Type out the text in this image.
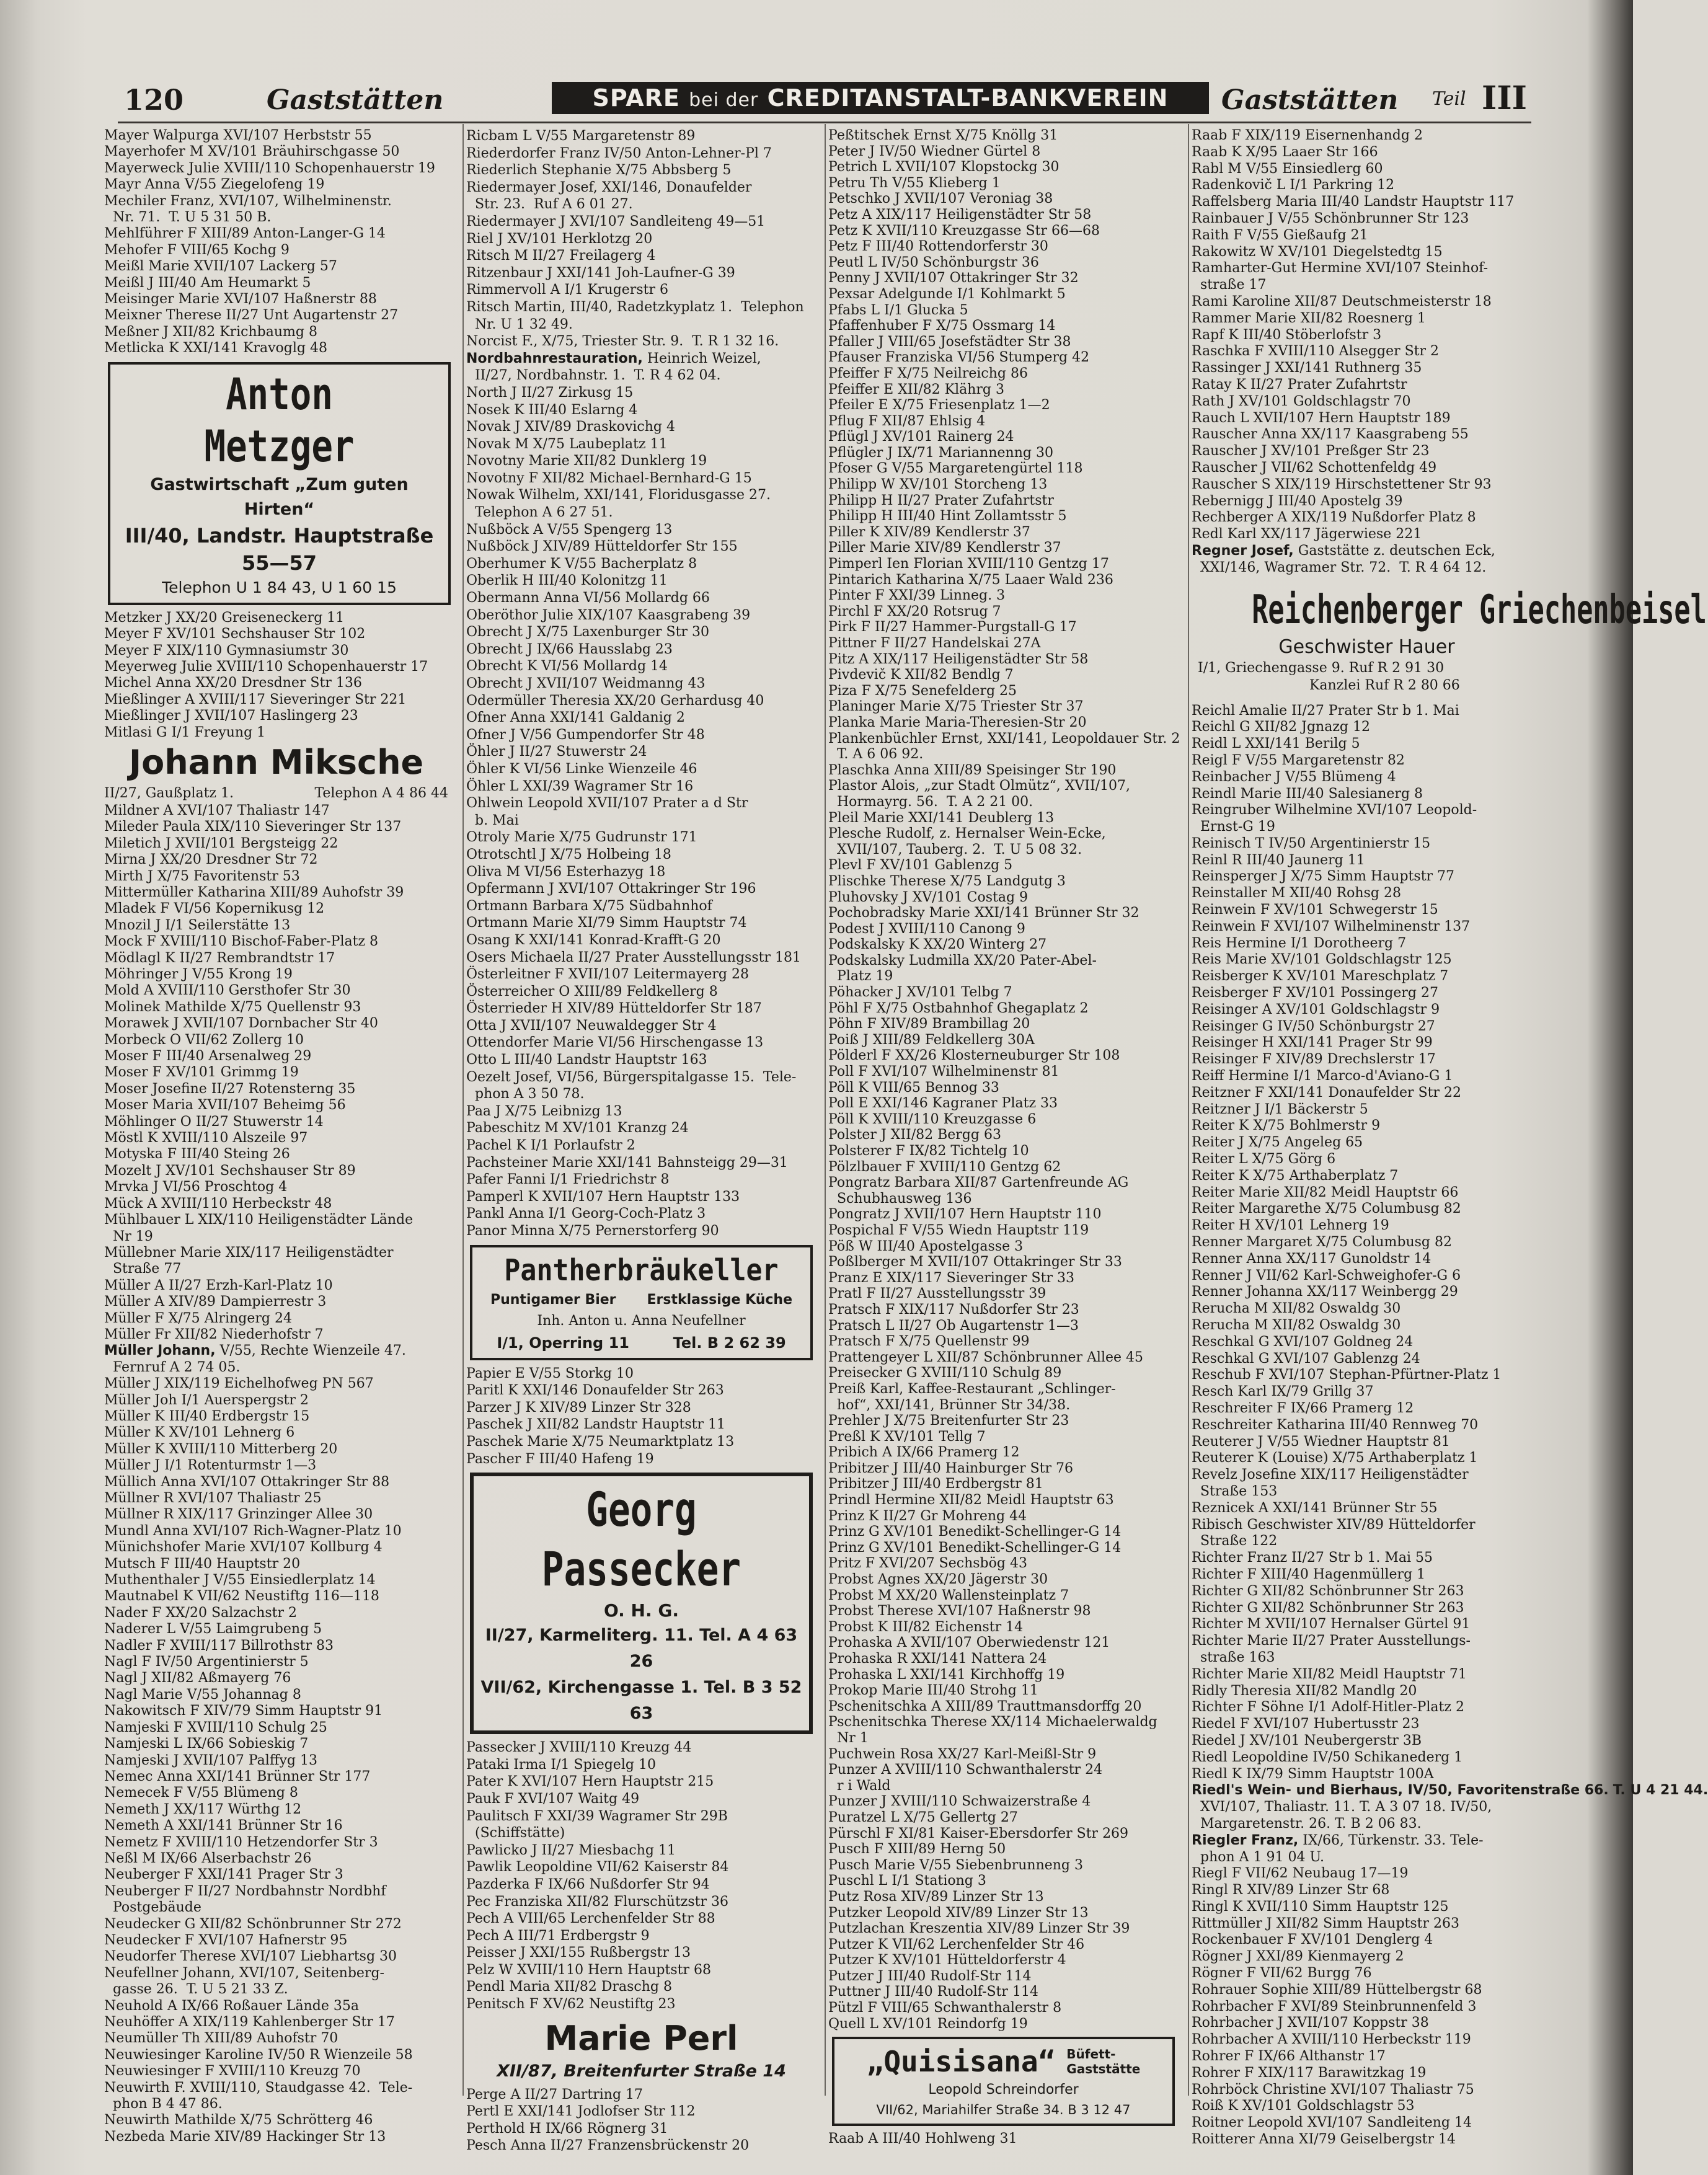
120	Gaststätten	SPARE bei der CREDITANSTALT-BANKVEREIN	Gaststätten Teil III
Mayer Walpurga XVI/107 Herbststr 55
Mayerhofer M XV/101 Bräuhirschgasse 50
Mayerweck Julie XVIII/110 Schopenhauerstr 19
Mayr Anna V/55 Ziegelofeng 19
Mechiler Franz, XVI/107, Wilhelminenstr.
Nr. 71.  T. U 5 31 50 B.
Mehlführer F XIII/89 Anton-Langer-G 14
Mehofer F VIII/65 Kochg 9
Meißl Marie XVII/107 Lackerg 57
Meißl J III/40 Am Heumarkt 5
Meisinger Marie XVI/107 Haßnerstr 88
Meixner Therese II/27 Unt Augartenstr 27
Meßner J XII/82 Krichbaumg 8
Metlicka K XXI/141 Kravoglg 48
Anton Metzger
Gastwirtschaft „Zum guten Hirten“
III/40, Landstr. Hauptstraße 55—57
Telephon U 1 84 43, U 1 60 15
Metzker J XX/20 Greiseneckerg 11
Meyer F XV/101 Sechshauser Str 102
Meyer F XIX/110 Gymnasiumstr 30
Meyerweg Julie XVIII/110 Schopenhauerstr 17
Michel Anna XX/20 Dresdner Str 136
Mießlinger A XVIII/117 Sieveringer Str 221
Mießlinger J XVII/107 Haslingerg 23
Mitlasi G I/1 Freyung 1
Johann Miksche
II/27, Gaußplatz 1.	Telephon A 4 86 44
Mildner A XVI/107 Thaliastr 147
Mileder Paula XIX/110 Sieveringer Str 137
Miletich J XVII/101 Bergsteigg 22
Mirna J XX/20 Dresdner Str 72
Mirth J X/75 Favoritenstr 53
Mittermüller Katharina XIII/89 Auhofstr 39
Mladek F VI/56 Kopernikusg 12
Mnozil J I/1 Seilerstätte 13
Mock F XVIII/110 Bischof-Faber-Platz 8
Mödlagl K II/27 Rembrandtstr 17
Möhringer J V/55 Krong 19
Mold A XVIII/110 Gersthofer Str 30
Molinek Mathilde X/75 Quellenstr 93
Morawek J XVII/107 Dornbacher Str 40
Morbeck O VII/62 Zollerg 10
Moser F III/40 Arsenalweg 29
Moser F XV/101 Grimmg 19
Moser Josefine II/27 Rotensterng 35
Moser Maria XVII/107 Beheimg 56
Möhlinger O II/27 Stuwerstr 14
Möstl K XVIII/110 Alszeile 97
Motyska F III/40 Steing 26
Mozelt J XV/101 Sechshauser Str 89
Mrvka J VI/56 Proschtog 4
Mück A XVIII/110 Herbeckstr 48
Mühlbauer L XIX/110 Heiligenstädter Lände
Nr 19
Müllebner Marie XIX/117 Heiligenstädter
Straße 77
Müller A II/27 Erzh-Karl-Platz 10
Müller A XIV/89 Dampierrestr 3
Müller F X/75 Alringerg 24
Müller Fr XII/82 Niederhofstr 7
Müller Johann, V/55, Rechte Wienzeile 47.
Fernruf A 2 74 05.
Müller J XIX/119 Eichelhofweg PN 567
Müller Joh I/1 Auerspergstr 2
Müller K III/40 Erdbergstr 15
Müller K XV/101 Lehnerg 6
Müller K XVIII/110 Mitterberg 20
Müller J I/1 Rotenturmstr 1—3
Müllich Anna XVI/107 Ottakringer Str 88
Müllner R XVI/107 Thaliastr 25
Müllner R XIX/117 Grinzinger Allee 30
Mundl Anna XVI/107 Rich-Wagner-Platz 10
Münichshofer Marie XVI/107 Kollburg 4
Mutsch F III/40 Hauptstr 20
Muthenthaler J V/55 Einsiedlerplatz 14
Mautnabel K VII/62 Neustiftg 116—118
Nader F XX/20 Salzachstr 2
Naderer L V/55 Laimgrubeng 5
Nadler F XVIII/117 Billrothstr 83
Nagl F IV/50 Argentinierstr 5
Nagl J XII/82 Aßmayerg 76
Nagl Marie V/55 Johannag 8
Nakowitsch F XIV/79 Simm Hauptstr 91
Namjeski F XVIII/110 Schulg 25
Namjeski L IX/66 Sobieskig 7
Namjeski J XVII/107 Palffyg 13
Nemec Anna XXI/141 Brünner Str 177
Nemecek F V/55 Blümeng 8
Nemeth J XX/117 Würthg 12
Nemeth A XXI/141 Brünner Str 16
Nemetz F XVIII/110 Hetzendorfer Str 3
Neßl M IX/66 Alserbachstr 26
Neuberger F XXI/141 Prager Str 3
Neuberger F II/27 Nordbahnstr Nordbhf
Postgebäude
Neudecker G XII/82 Schönbrunner Str 272
Neudecker F XVI/107 Hafnerstr 95
Neudorfer Therese XVI/107 Liebhartsg 30
Neufellner Johann, XVI/107, Seitenberg-
gasse 26.  T. U 5 21 33 Z.
Neuhold A IX/66 Roßauer Lände 35a
Neuhöffer A XIX/119 Kahlenberger Str 17
Neumüller Th XIII/89 Auhofstr 70
Neuwiesinger Karoline IV/50 R Wienzeile 58
Neuwiesinger F XVIII/110 Kreuzg 70
Neuwirth F. XVIII/110, Staudgasse 42.  Tele-
phon B 4 47 86.
Neuwirth Mathilde X/75 Schrötterg 46
Nezbeda Marie XIV/89 Hackinger Str 13
Ricbam L V/55 Margaretenstr 89
Riederdorfer Franz IV/50 Anton-Lehner-Pl 7
Riederlich Stephanie X/75 Abbsberg 5
Riedermayer Josef, XXI/146, Donaufelder
Str. 23.  Ruf A 6 01 27.
Riedermayer J XVI/107 Sandleiteng 49—51
Riel J XV/101 Herklotzg 20
Ritsch M II/27 Freilagerg 4
Ritzenbaur J XXI/141 Joh-Laufner-G 39
Rimmervoll A I/1 Krugerstr 6
Ritsch Martin, III/40, Radetzkyplatz 1.  Telephon
Nr. U 1 32 49.
Norcist F., X/75, Triester Str. 9.  T. R 1 32 16.
Nordbahnrestauration, Heinrich Weizel,
II/27, Nordbahnstr. 1.  T. R 4 62 04.
North J II/27 Zirkusg 15
Nosek K III/40 Eslarng 4
Novak J XIV/89 Draskovichg 4
Novak M X/75 Laubeplatz 11
Novotny Marie XII/82 Dunklerg 19
Novotny F XII/82 Michael-Bernhard-G 15
Nowak Wilhelm, XXI/141, Floridusgasse 27.
Telephon A 6 27 51.
Nußböck A V/55 Spengerg 13
Nußböck J XIV/89 Hütteldorfer Str 155
Oberhumer K V/55 Bacherplatz 8
Oberlik H III/40 Kolonitzg 11
Obermann Anna VI/56 Mollardg 66
Oberöthor Julie XIX/107 Kaasgrabeng 39
Obrecht J X/75 Laxenburger Str 30
Obrecht J IX/66 Hausslabg 23
Obrecht K VI/56 Mollardg 14
Obrecht J XVII/107 Weidmanng 43
Odermüller Theresia XX/20 Gerhardusg 40
Ofner Anna XXI/141 Galdanig 2
Ofner J V/56 Gumpendorfer Str 48
Öhler J II/27 Stuwerstr 24
Öhler K VI/56 Linke Wienzeile 46
Öhler L XXI/39 Wagramer Str 16
Ohlwein Leopold XVII/107 Prater a d Str
b. Mai
Otroly Marie X/75 Gudrunstr 171
Otrotschtl J X/75 Holbeing 18
Oliva M VI/56 Esterhazyg 18
Opfermann J XVI/107 Ottakringer Str 196
Ortmann Barbara X/75 Südbahnhof
Ortmann Marie XI/79 Simm Hauptstr 74
Osang K XXI/141 Konrad-Krafft-G 20
Osers Michaela II/27 Prater Ausstellungsstr 181
Österleitner F XVII/107 Leitermayerg 28
Österreicher O XIII/89 Feldkellerg 8
Österrieder H XIV/89 Hütteldorfer Str 187
Otta J XVII/107 Neuwaldegger Str 4
Ottendorfer Marie VI/56 Hirschengasse 13
Otto L III/40 Landstr Hauptstr 163
Oezelt Josef, VI/56, Bürgerspitalgasse 15.  Tele-
phon A 3 50 78.
Paa J X/75 Leibnizg 13
Pabeschitz M XV/101 Kranzg 24
Pachel K I/1 Porlaufstr 2
Pachsteiner Marie XXI/141 Bahnsteigg 29—31
Pafer Fanni I/1 Friedrichstr 8
Pamperl K XVII/107 Hern Hauptstr 133
Pankl Anna I/1 Georg-Coch-Platz 3
Panor Minna X/75 Pernerstorferg 90
Pantherbräukeller
Puntigamer Bier Erstklassige Küche
Inh. Anton u. Anna Neufellner
I/1, Operring 11	Tel. B 2 62 39
Papier E V/55 Storkg 10
Paritl K XXI/146 Donaufelder Str 263
Parzer J K XIV/89 Linzer Str 328
Paschek J XII/82 Landstr Hauptstr 11
Paschek Marie X/75 Neumarktplatz 13
Pascher F III/40 Hafeng 19
Georg Passecker
O. H. G.
II/27, Karmeliterg. 11. Tel. A 4 63 26
VII/62, Kirchengasse 1. Tel. B 3 52 63
Passecker J XVIII/110 Kreuzg 44
Pataki Irma I/1 Spiegelg 10
Pater K XVI/107 Hern Hauptstr 215
Pauk F XVI/107 Waitg 49
Paulitsch F XXI/39 Wagramer Str 29B
(Schiffstätte)
Pawlicko J II/27 Miesbachg 11
Pawlik Leopoldine VII/62 Kaiserstr 84
Pazderka F IX/66 Nußdorfer Str 94
Pec Franziska XII/82 Flurschützstr 36
Pech A VIII/65 Lerchenfelder Str 88
Pech A III/71 Erdbergstr 9
Peisser J XXI/155 Rußbergstr 13
Pelz W XVIII/110 Hern Hauptstr 68
Pendl Maria XII/82 Draschg 8
Penitsch F XV/62 Neustiftg 23
Marie Perl
XII/87, Breitenfurter Straße 14
Perge A II/27 Dartring 17
Pertl E XXI/141 Jodlofser Str 112
Perthold H IX/66 Rögnerg 31
Pesch Anna II/27 Franzensbrückenstr 20
Peßtitschek Ernst X/75 Knöllg 31
Peter J IV/50 Wiedner Gürtel 8
Petrich L XVII/107 Klopstockg 30
Petru Th V/55 Klieberg 1
Petschko J XVII/107 Veroniag 38
Petz A XIX/117 Heiligenstädter Str 58
Petz K XVII/110 Kreuzgasse Str 66—68
Petz F III/40 Rottendorferstr 30
Peutl L IV/50 Schönburgstr 36
Penny J XVII/107 Ottakringer Str 32
Pexsar Adelgunde I/1 Kohlmarkt 5
Pfabs L I/1 Glucka 5
Pfaffenhuber F X/75 Ossmarg 14
Pfaller J VIII/65 Josefstädter Str 38
Pfauser Franziska VI/56 Stumperg 42
Pfeiffer F X/75 Neilreichg 86
Pfeiffer E XII/82 Klährg 3
Pfeiler E X/75 Friesenplatz 1—2
Pflug F XII/87 Ehlsig 4
Pflügl J XV/101 Rainerg 24
Pflügler J IX/71 Mariannenng 30
Pfoser G V/55 Margaretengürtel 118
Philipp W XV/101 Storcheng 13
Philipp H II/27 Prater Zufahrtstr
Philipp H III/40 Hint Zollamtsstr 5
Piller K XIV/89 Kendlerstr 37
Piller Marie XIV/89 Kendlerstr 37
Pimperl Ien Florian XVIII/110 Gentzg 17
Pintarich Katharina X/75 Laaer Wald 236
Pinter F XXI/39 Linneg. 3
Pirchl F XX/20 Rotsrug 7
Pirk F II/27 Hammer-Purgstall-G 17
Pittner F II/27 Handelskai 27A
Pitz A XIX/117 Heiligenstädter Str 58
Pivdevič K XII/82 Bendlg 7
Piza F X/75 Senefelderg 25
Planinger Marie X/75 Triester Str 37
Planka Marie Maria-Theresien-Str 20
Plankenbüchler Ernst, XXI/141, Leopoldauer Str. 2
T. A 6 06 92.
Plaschka Anna XIII/89 Speisinger Str 190
Plastor Alois, „zur Stadt Olmütz“, XVII/107,
Hormayrg. 56.  T. A 2 21 00.
Pleil Marie XXI/141 Deublerg 13
Plesche Rudolf, z. Hernalser Wein-Ecke,
XVII/107, Tauberg. 2.  T. U 5 08 32.
Plevl F XV/101 Gablenzg 5
Plischke Therese X/75 Landgutg 3
Pluhovsky J XV/101 Costag 9
Pochobradsky Marie XXI/141 Brünner Str 32
Podest J XVIII/110 Canong 9
Podskalsky K XX/20 Winterg 27
Podskalsky Ludmilla XX/20 Pater-Abel-
Platz 19
Pöhacker J XV/101 Telbg 7
Pöhl F X/75 Ostbahnhof Ghegaplatz 2
Pöhn F XIV/89 Brambillag 20
Poiß J XIII/89 Feldkellerg 30A
Pölderl F XX/26 Klosterneuburger Str 108
Poll F XVI/107 Wilhelminenstr 81
Pöll K VIII/65 Bennog 33
Poll E XXI/146 Kagraner Platz 33
Pöll K XVIII/110 Kreuzgasse 6
Polster J XII/82 Bergg 63
Polsterer F IX/82 Tichtelg 10
Pölzlbauer F XVIII/110 Gentzg 62
Pongratz Barbara XII/87 Gartenfreunde AG
Schubhausweg 136
Pongratz J XVII/107 Hern Hauptstr 110
Pospichal F V/55 Wiedn Hauptstr 119
Pöß W III/40 Apostelgasse 3
Poßlberger M XVII/107 Ottakringer Str 33
Pranz E XIX/117 Sieveringer Str 33
Pratl F II/27 Ausstellungsstr 39
Pratsch F XIX/117 Nußdorfer Str 23
Pratsch L II/27 Ob Augartenstr 1—3
Pratsch F X/75 Quellenstr 99
Prattengeyer L XII/87 Schönbrunner Allee 45
Preisecker G XVIII/110 Schulg 89
Preiß Karl, Kaffee-Restaurant „Schlinger-
hof“, XXI/141, Brünner Str 34/38.
Prehler J X/75 Breitenfurter Str 23
Preßl K XV/101 Tellg 7
Pribich A IX/66 Pramerg 12
Pribitzer J III/40 Hainburger Str 76
Pribitzer J III/40 Erdbergstr 81
Prindl Hermine XII/82 Meidl Hauptstr 63
Prinz K II/27 Gr Mohreng 44
Prinz G XV/101 Benedikt-Schellinger-G 14
Prinz G XV/101 Benedikt-Schellinger-G 14
Pritz F XVI/207 Sechsbög 43
Probst Agnes XX/20 Jägerstr 30
Probst M XX/20 Wallensteinplatz 7
Probst Therese XVI/107 Haßnerstr 98
Probst K III/82 Eichenstr 14
Prohaska A XVII/107 Oberwiedenstr 121
Prohaska R XXI/141 Nattera 24
Prohaska L XXI/141 Kirchhoffg 19
Prokop Marie III/40 Strohg 11
Pschenitschka A XIII/89 Trauttmansdorffg 20
Pschenitschka Therese XX/114 Michaelerwaldg
Nr 1
Puchwein Rosa XX/27 Karl-Meißl-Str 9
Punzer A XVIII/110 Schwanthalerstr 24
r i Wald
Punzer J XVIII/110 Schwaizerstraße 4
Puratzel L X/75 Gellertg 27
Pürschl F XI/81 Kaiser-Ebersdorfer Str 269
Pusch F XIII/89 Herng 50
Pusch Marie V/55 Siebenbrunneng 3
Puschl L I/1 Stationg 3
Putz Rosa XIV/89 Linzer Str 13
Putzker Leopold XIV/89 Linzer Str 13
Putzlachan Kreszentia XIV/89 Linzer Str 39
Putzer K VII/62 Lerchenfelder Str 46
Putzer K XV/101 Hütteldorferstr 4
Putzer J III/40 Rudolf-Str 114
Puttner J III/40 Rudolf-Str 114
Pützl F VIII/65 Schwanthalerstr 8
Quell L XV/101 Reindorfg 19
„Quisisana“ Büfett-
Gaststätte
Leopold Schreindorfer
VII/62, Mariahilfer Straße 34. B 3 12 47
Raab A III/40 Hohlweng 31
Raab F XIX/119 Eisernenhandg 2
Raab K X/95 Laaer Str 166
Rabl M V/55 Einsiedlerg 60
Radenkovič L I/1 Parkring 12
Raffelsberg Maria III/40 Landstr Hauptstr 117
Rainbauer J V/55 Schönbrunner Str 123
Raith F V/55 Gießaufg 21
Rakowitz W XV/101 Diegelstedtg 15
Ramharter-Gut Hermine XVI/107 Steinhof-
straße 17
Rami Karoline XII/87 Deutschmeisterstr 18
Rammer Marie XII/82 Roesnerg 1
Rapf K III/40 Stöberlofstr 3
Raschka F XVIII/110 Alsegger Str 2
Rassinger J XXI/141 Ruthnerg 35
Ratay K II/27 Prater Zufahrtstr
Rath J XV/101 Goldschlagstr 70
Rauch L XVII/107 Hern Hauptstr 189
Rauscher Anna XX/117 Kaasgrabeng 55
Rauscher J XV/101 Preßger Str 23
Rauscher J VII/62 Schottenfeldg 49
Rauscher S XIX/119 Hirschstettener Str 93
Rebernigg J III/40 Apostelg 39
Rechberger A XIX/119 Nußdorfer Platz 8
Redl Karl XX/117 Jägerwiese 221
Regner Josef, Gaststätte z. deutschen Eck,
XXI/146, Wagramer Str. 72.  T. R 4 64 12.
Reichenberger Griechenbeisel
Geschwister Hauer
I/1, Griechengasse 9. Ruf R 2 91 30
Kanzlei Ruf R 2 80 66
Reichl Amalie II/27 Prater Str b 1. Mai
Reichl G XII/82 Jgnazg 12
Reidl L XXI/141 Berilg 5
Reigl F V/55 Margaretenstr 82
Reinbacher J V/55 Blümeng 4
Reindl Marie III/40 Salesianerg 8
Reingruber Wilhelmine XVI/107 Leopold-
Ernst-G 19
Reinisch T IV/50 Argentinierstr 15
Reinl R III/40 Jaunerg 11
Reinsperger J X/75 Simm Hauptstr 77
Reinstaller M XII/40 Rohsg 28
Reinwein F XV/101 Schwegerstr 15
Reinwein F XVI/107 Wilhelminenstr 137
Reis Hermine I/1 Dorotheerg 7
Reis Marie XV/101 Goldschlagstr 125
Reisberger K XV/101 Mareschplatz 7
Reisberger F XV/101 Possingerg 27
Reisinger A XV/101 Goldschlagstr 9
Reisinger G IV/50 Schönburgstr 27
Reisinger H XXI/141 Prager Str 99
Reisinger F XIV/89 Drechslerstr 17
Reiff Hermine I/1 Marco-d'Aviano-G 1
Reitzner F XXI/141 Donaufelder Str 22
Reitzner J I/1 Bäckerstr 5
Reiter K X/75 Bohlmerstr 9
Reiter J X/75 Angeleg 65
Reiter L X/75 Görg 6
Reiter K X/75 Arthaberplatz 7
Reiter Marie XII/82 Meidl Hauptstr 66
Reiter Margarethe X/75 Columbusg 82
Reiter H XV/101 Lehnerg 19
Renner Margaret X/75 Columbusg 82
Renner Anna XX/117 Gunoldstr 14
Renner J VII/62 Karl-Schweighofer-G 6
Renner Johanna XX/117 Weinbergg 29
Rerucha M XII/82 Oswaldg 30
Rerucha M XII/82 Oswaldg 30
Reschkal G XVI/107 Goldneg 24
Reschkal G XVI/107 Gablenzg 24
Reschub F XVI/107 Stephan-Pfürtner-Platz 1
Resch Karl IX/79 Grillg 37
Reschreiter F IX/66 Pramerg 12
Reschreiter Katharina III/40 Rennweg 70
Reuterer J V/55 Wiedner Hauptstr 81
Reuterer K (Louise) X/75 Arthaberplatz 1
Revelz Josefine XIX/117 Heiligenstädter
Straße 153
Reznicek A XXI/141 Brünner Str 55
Ribisch Geschwister XIV/89 Hütteldorfer
Straße 122
Richter Franz II/27 Str b 1. Mai 55
Richter F XIII/40 Hagenmüllerg 1
Richter G XII/82 Schönbrunner Str 263
Richter G XII/82 Schönbrunner Str 263
Richter M XVII/107 Hernalser Gürtel 91
Richter Marie II/27 Prater Ausstellungs-
straße 163
Richter Marie XII/82 Meidl Hauptstr 71
Ridly Theresia XII/82 Mandlg 20
Richter F Söhne I/1 Adolf-Hitler-Platz 2
Riedel F XVI/107 Hubertusstr 23
Riedel J XV/101 Neubergerstr 3B
Riedl Leopoldine IV/50 Schikanederg 1
Riedl K IX/79 Simm Hauptstr 100A
Riedl's Wein- und Bierhaus, IV/50, Favoritenstraße 66. T. U 4 21 44.
XVI/107, Thaliastr. 11. T. A 3 07 18. IV/50,
Margaretenstr. 26. T. B 2 06 83.
Riegler Franz, IX/66, Türkenstr. 33. Tele-
phon A 1 91 04 U.
Riegl F VII/62 Neubaug 17—19
Ringl R XIV/89 Linzer Str 68
Ringl K XVII/110 Simm Hauptstr 125
Rittmüller J XII/82 Simm Hauptstr 263
Rockenbauer F XV/101 Denglerg 4
Rögner J XXI/89 Kienmayerg 2
Rögner F VII/62 Burgg 76
Rohrauer Sophie XIII/89 Hüttelbergstr 68
Rohrbacher F XVI/89 Steinbrunnenfeld 3
Rohrbacher J XVII/107 Koppstr 38
Rohrbacher A XVIII/110 Herbeckstr 119
Rohrer F IX/66 Althanstr 17
Rohrer F XIX/117 Barawitzkag 19
Rohrböck Christine XVI/107 Thaliastr 75
Roiß K XV/101 Goldschlagstr 53
Roitner Leopold XVI/107 Sandleiteng 14
Roitterer Anna XI/79 Geiselbergstr 14
